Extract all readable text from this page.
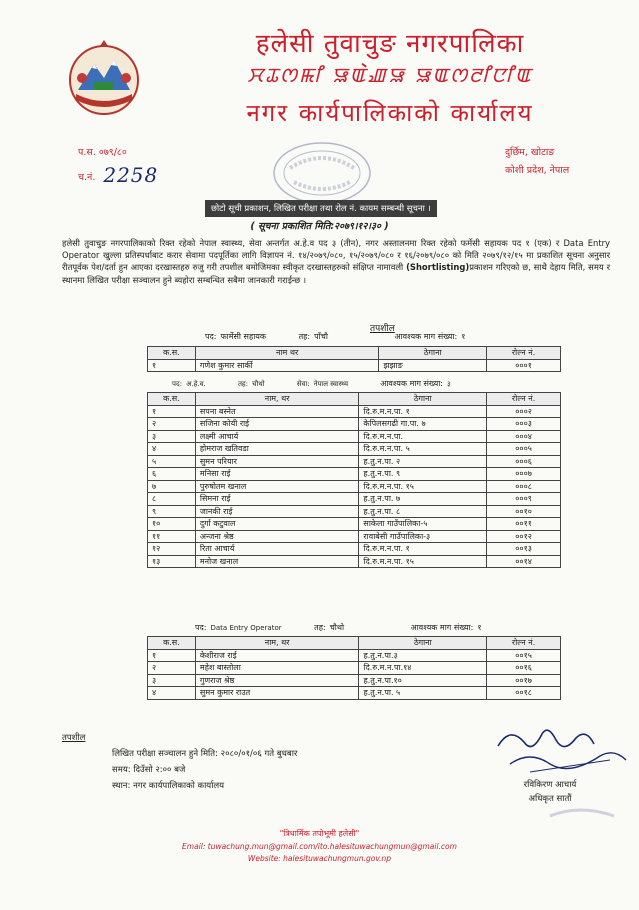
हलेसी तुवाचुङ नगरपालिका
ꯆꯊꯁꯃꯤ ꯎꯑꯥꯉꯎ ꯎꯑꯁꯂꯤꯅꯤꯑ
नगर कार्यपालिकाको कार्यालय
प.स. ०७९/८०
च.नं. 2258
दुर्छिम, खोटाङ
कोशी प्रदेश, नेपाल
छोटो सूची प्रकाशन, लिखित परीक्षा तथा रोल नं. कायम सम्बन्धी सूचना ।
( सूचना प्रकाशित मिति:२०७९।१२।३० )
हलेसी तुवाचुङ नगरपालिकाको रिक्त रहेको नेपाल स्वास्थ्य, सेवा अन्तर्गत अ.हे.व पद ३ (तीन), नगर अस्तालनमा रिक्त रहेको फर्मेसी सहायक पद १ (एक) र Data Entry Operator खुल्ला प्रतिस्पर्धाबाट करार सेवामा पदपूर्तिका लागि विज्ञापन नं. १४/२०७९/०८०, १५/२०७९/०८० र १६/२०७९/०८० को मिति २०७९/१२/१५ मा प्रकाशित सूचना अनुसार रीतपूर्वक पेश/दर्ता हुन आएका दरखास्तहरु रुजु गरी तपशील बमोजिमका स्वीकृत दरखास्तहरुको संक्षिप्त नामावली (Shortlisting)प्रकाशन गरिएको छ, साथै देहाय मिति, समय र स्थानमा लिखित परीक्षा सञ्चालन हुने ब्यहोरा सम्बन्धित सबैमा जानकारी गराईन्छ ।
तपशील
पद: फार्मेसी सहायक	तह: पाँचौ	आवश्यक माग संख्या: १
क.स.	नाम थर	ठेगाना	रोल्न नं.
१	गणेश कुमार सार्की	झझाङ	०००१
पद: अ.हे.व.	तह: चौथो	सेवा: नेपाल स्वास्थ्य	आवश्यक माग संख्या: ३
क.स.	नाम, थर	ठेगाना	रोल्न नं.
१	सपना बस्नेत	दि.रु.म.न.पा. १	०००२
२	सजिना कोयी राई	केपिलसगढी गा.पा. ७	०००३
३	लक्ष्मी आचार्य	दि.रु.म.न.पा.	०००४
४	होमराज खतिवडा	दि.रु.म.न.पा. ५	०००५
५	सुमन परियार	ह.तु.न.पा. २	०००६
६	मनिसा राई	ह.तु.न.पा. ९	०००७
७	पुरुषोतम खनाल	दि.रु.म.न.पा. १५	०००८
८	सिमना राई	ह.तु.न.पा. ७	०००९
९	जानकी राई	ह.तु.न.पा. ८	००१०
१०	दुर्गा कटुवाल	साकेला गाउँपालिका-५	००११
११	अन्जना श्रेष्ठ	रावाबेसी गाउँपालिका-३	००१२
१२	रिता आचार्य	दि.रु.म.न.पा. १	००१३
१३	मनोज खनाल	दि.रु.म.न.पा. १५	००१४
पद: Data Entry Operator	तह: चौथो	आवश्यक माग संख्या: १
क.स.	नाम, थर	ठेगाना	रोल्न नं.
१	केशीराज राई	ह.तु.न.पा.३	००१५
२	महेश बास्तोला	दि.रु.म.न.पा.१४	००१६
३	गुणराज श्रेष्ठ	ह.तु.न.पा.१०	००१७
४	सुमन कुमार राउत	ह.तु.न.पा. ५	००१८
तपशील
लिखित परीक्षा सञ्चालन हुने मिति: २०८०/०१/०६ गते बुधबार
समय: दिउँसो २:०० बजे
स्थान: नगर कार्यपालिकाको कार्यालय	रविकिरण आचार्य
अधिकृत सातौं
"त्रिधार्मिक तपोभूमी हलेसी"
Email: tuwachung.mun@gmail.com/ito.halesituwachungmun@gmail.com
Website: halesituwachungmun.gov.np
